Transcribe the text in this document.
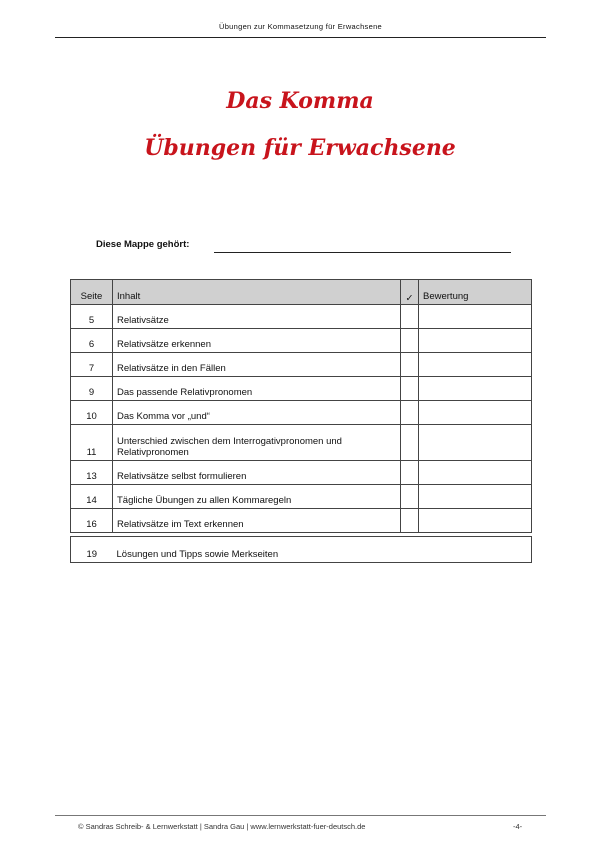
Übungen zur Kommasetzung für Erwachsene
Das Komma
Übungen für Erwachsene
Diese Mappe gehört:
Seite	Inhalt	✓	Bewertung
5	Relativsätze		
6	Relativsätze erkennen		
7	Relativsätze in den Fällen		
9	Das passende Relativpronomen		
10	Das Komma vor „und“		
11	Unterschied zwischen dem Interrogativpronomen und Relativpronomen		
13	Relativsätze selbst formulieren		
14	Tägliche Übungen zu allen Kommaregeln		
16	Relativsätze im Text erkennen		

19	Lösungen und Tipps sowie Merkseiten		
© Sandras Schreib- & Lernwerkstatt | Sandra Gau | www.lernwerkstatt-fuer-deutsch.de	-4-
